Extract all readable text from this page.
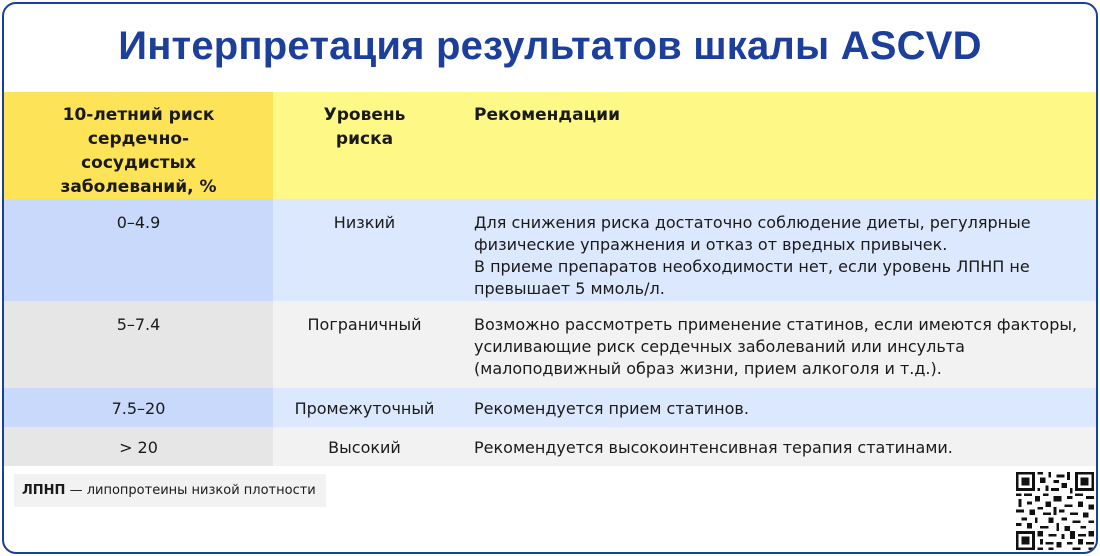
Интерпретация результатов шкалы ASCVD
10-летний риск сердечно-сосудистых заболеваний, %	Уровень риска	Рекомендации
0–4.9	Низкий	Для снижения риска достаточно соблюдение диеты, регулярные физические упражнения и отказ от вредных привычек.
В приеме препаратов необходимости нет, если уровень ЛПНП не превышает 5 ммоль/л.
5–7.4	Пограничный	Возможно рассмотреть применение статинов, если имеются факторы, усиливающие риск сердечных заболеваний или инсульта (малоподвижный образ жизни, прием алкоголя и т.д.).
7.5–20	Промежуточный	Рекомендуется прием статинов.
> 20	Высокий	Рекомендуется высокоинтенсивная терапия статинами.
ЛПНП — липопротеины низкой плотности
